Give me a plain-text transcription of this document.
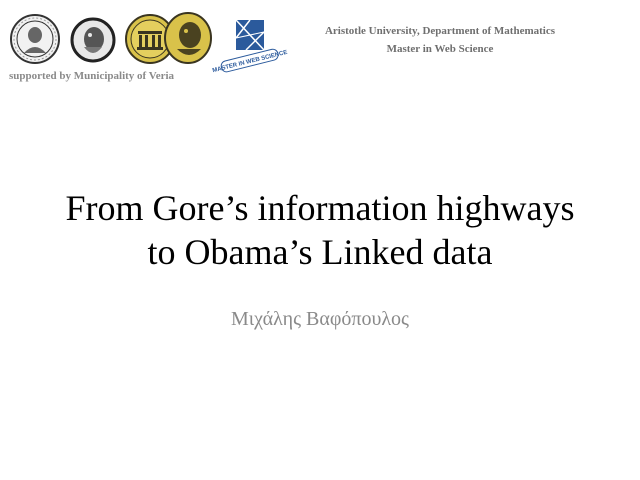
MASTER IN WEB SCIENCE
supported by Municipality of Veria
Aristotle University, Department of Mathematics
Master in Web Science
From Gore’s information highways
to Obama’s Linked data
Μιχάλης Βαφόπουλος
